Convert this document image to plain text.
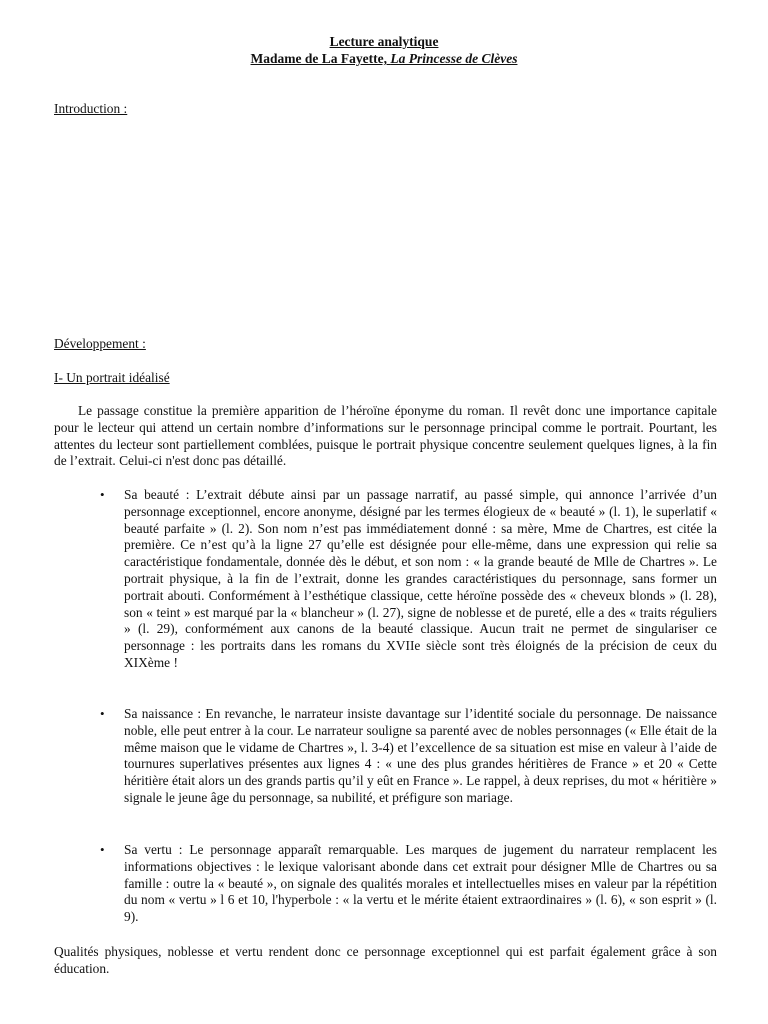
Lecture analytique
Madame de La Fayette, La Princesse de Clèves
Introduction :
Développement :
I- Un portrait idéalisé

Le passage constitue la première apparition de l’héroïne éponyme du roman. Il revêt donc une importance capitale pour le lecteur qui attend un certain nombre d’informations sur le personnage principal comme le portrait. Pourtant, les attentes du lecteur sont partiellement comblées, puisque le portrait physique concentre seulement quelques lignes, à la fin de l’extrait. Celui-ci n'est donc pas détaillé.

• Sa beauté : L’extrait débute ainsi par un passage narratif, au passé simple, qui annonce l’arrivée d’un personnage exceptionnel, encore anonyme, désigné par les termes élogieux de « beauté » (l. 1), le superlatif « beauté parfaite » (l. 2). Son nom n’est pas immédiatement donné : sa mère, Mme de Chartres, est citée la première. Ce n’est qu’à la ligne 27 qu’elle est désignée pour elle-même, dans une expression qui relie sa caractéristique fondamentale, donnée dès le début, et son nom : « la grande beauté de Mlle de Chartres ». Le portrait physique, à la fin de l’extrait, donne les grandes caractéristiques du personnage, sans former un portrait abouti. Conformément à l’esthétique classique, cette héroïne possède des « cheveux blonds » (l. 28), son « teint » est marqué par la « blancheur » (l. 27), signe de noblesse et de pureté, elle a des « traits réguliers » (l. 29), conformément aux canons de la beauté classique. Aucun trait ne permet de singulariser ce personnage : les portraits dans les romans du XVIIe siècle sont très éloignés de la précision de ceux du XIXème !

• Sa naissance : En revanche, le narrateur insiste davantage sur l’identité sociale du personnage. De naissance noble, elle peut entrer à la cour. Le narrateur souligne sa parenté avec de nobles personnages (« Elle était de la même maison que le vidame de Chartres », l. 3-4) et l’excellence de sa situation est mise en valeur à l’aide de tournures superlatives présentes aux lignes 4 : « une des plus grandes héritières de France » et 20 « Cette héritière était alors un des grands partis qu’il y eût en France ». Le rappel, à deux reprises, du mot « héritière » signale le jeune âge du personnage, sa nubilité, et préfigure son mariage.

• Sa vertu : Le personnage apparaît remarquable. Les marques de jugement du narrateur remplacent les informations objectives : le lexique valorisant abonde dans cet extrait pour désigner Mlle de Chartres ou sa famille : outre la « beauté », on signale des qualités morales et intellectuelles mises en valeur par la répétition du nom « vertu » l 6 et 10, l'hyperbole : « la vertu et le mérite étaient extraordinaires » (l. 6), « son esprit » (l. 9).

Qualités physiques, noblesse et vertu rendent donc ce personnage exceptionnel qui est parfait également grâce à son éducation.
